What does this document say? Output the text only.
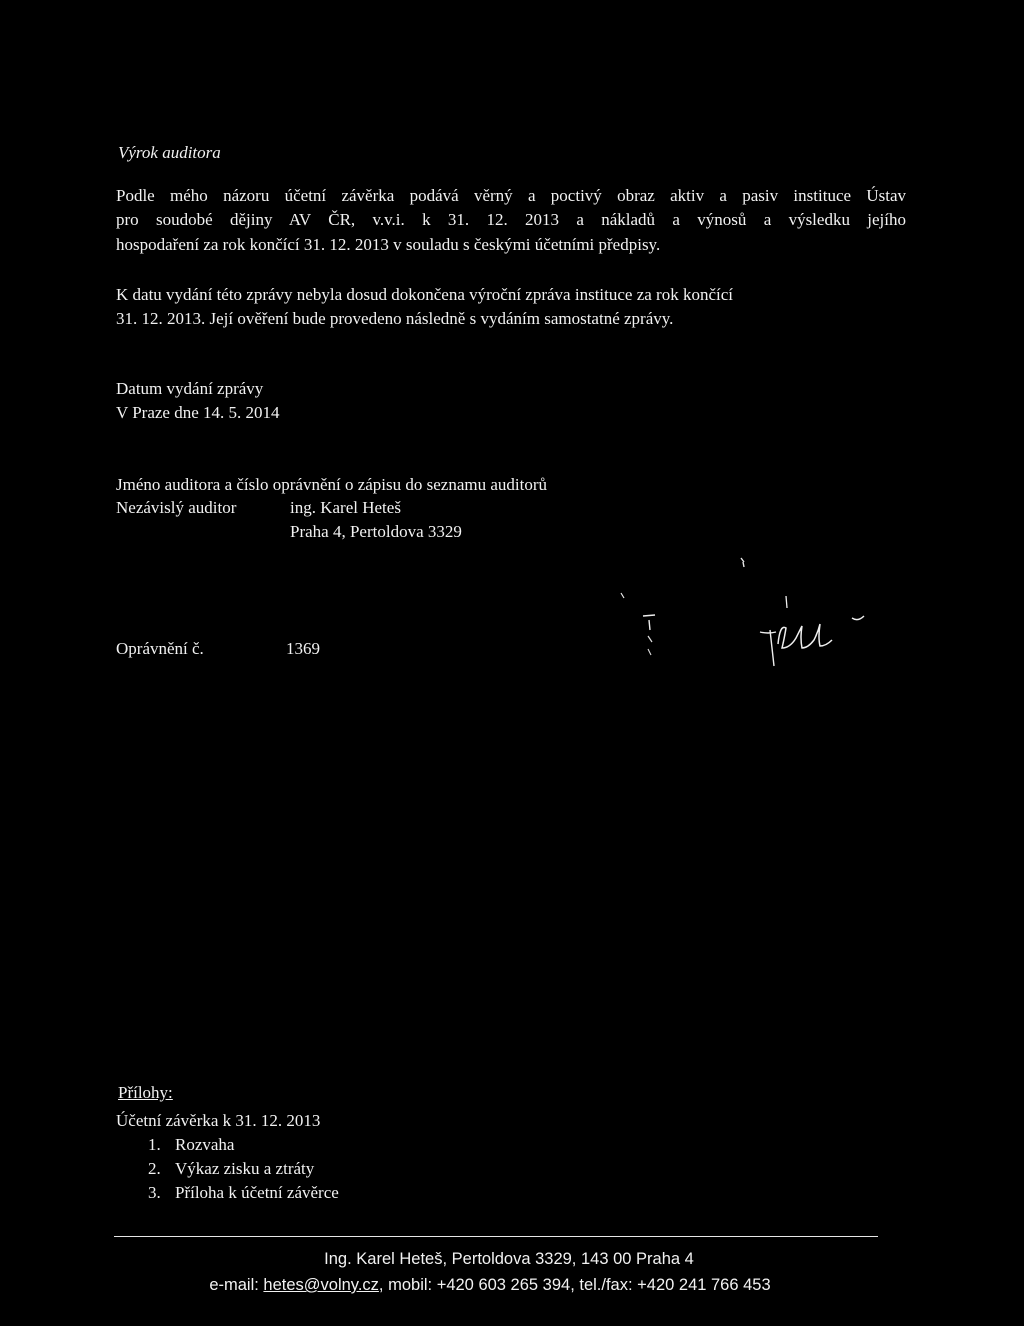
Výrok auditora
Podle mého názoru účetní závěrka podává věrný a poctivý obraz aktiv a pasiv instituce Ústav
pro soudobé dějiny AV ČR, v.v.i. k 31. 12. 2013 a nákladů a výnosů a výsledku jejího
hospodaření za rok končící 31. 12. 2013 v souladu s českými účetními předpisy.
K datu vydání této zprávy nebyla dosud dokončena výroční zpráva instituce za rok končící
31. 12. 2013. Její ověření bude provedeno následně s vydáním samostatné zprávy.
Datum vydání zprávy
V Praze dne 14. 5. 2014
Jméno auditora a číslo oprávnění o zápisu do seznamu auditorů
Nezávislý auditor	ing. Karel Heteš
Praha 4, Pertoldova 3329
Oprávnění č.	1369
Přílohy:
Účetní závěrka k 31. 12. 2013
1. Rozvaha
2. Výkaz zisku a ztráty
3. Příloha k účetní závěrce
Ing. Karel Heteš, Pertoldova 3329, 143 00 Praha 4
e-mail: hetes@volny.cz, mobil: +420 603 265 394, tel./fax: +420 241 766 453
